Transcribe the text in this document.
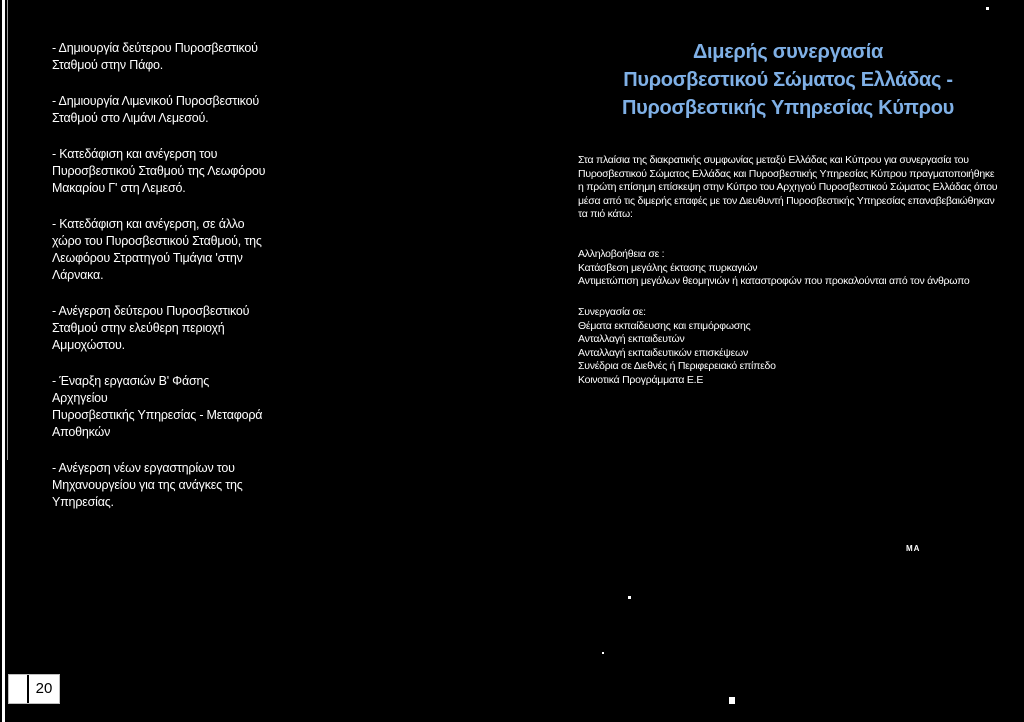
- Δημιουργία δεύτερου Πυροσβεστικού
Σταθμού στην Πάφο.
- Δημιουργία Λιμενικού Πυροσβεστικού
Σταθμού στο Λιμάνι Λεμεσού.
- Κατεδάφιση και ανέγερση του
Πυροσβεστικού Σταθμού της Λεωφόρου
Μακαρίου Γ' στη Λεμεσό.
- Κατεδάφιση και ανέγερση, σε άλλο
χώρο του Πυροσβεστικού Σταθμού, της
Λεωφόρου Στρατηγού Τιμάγια 'στην
Λάρνακα.
- Ανέγερση δεύτερου Πυροσβεστικού
Σταθμού στην ελεύθερη περιοχή
Αμμοχώστου.
- Έναρξη εργασιών Β' Φάσης Αρχηγείου
Πυροσβεστικής Υπηρεσίας - Μεταφορά
Αποθηκών
- Ανέγερση νέων εργαστηρίων του
Μηχανουργείου για της ανάγκες της
Υπηρεσίας.
Διμερής συνεργασία
Πυροσβεστικού Σώματος Ελλάδας -
Πυροσβεστικής Υπηρεσίας Κύπρου
Στα πλαίσια της διακρατικής συμφωνίας μεταξύ Ελλάδας και Κύπρου για συνεργασία του Πυροσβεστικού Σώματος Ελλάδας και Πυροσβεστικής Υπηρεσίας Κύπρου πραγματοποιήθηκε η πρώτη επίσημη επίσκεψη στην Κύπρο του Αρχηγού Πυροσβεστικού Σώματος Ελλάδας όπου μέσα από τις διμερής επαφές με τον Διευθυντή Πυροσβεστικής Υπηρεσίας επαναβεβαιώθηκαν τα πιό κάτω:
Αλληλοβοήθεια σε :
Κατάσβεση μεγάλης έκτασης πυρκαγιών
Αντιμετώπιση μεγάλων θεομηνιών ή καταστροφών που προκαλούνται από τον άνθρωπο
Συνεργασία σε:
Θέματα εκπαίδευσης και επιμόρφωσης
Ανταλλαγή εκπαιδευτών
Ανταλλαγή εκπαιδευτικών επισκέψεων
Συνέδρια σε Διεθνές ή Περιφερειακό επίπεδο
Κοινοτικά Προγράμματα Ε.Ε
ΜΑ
20
